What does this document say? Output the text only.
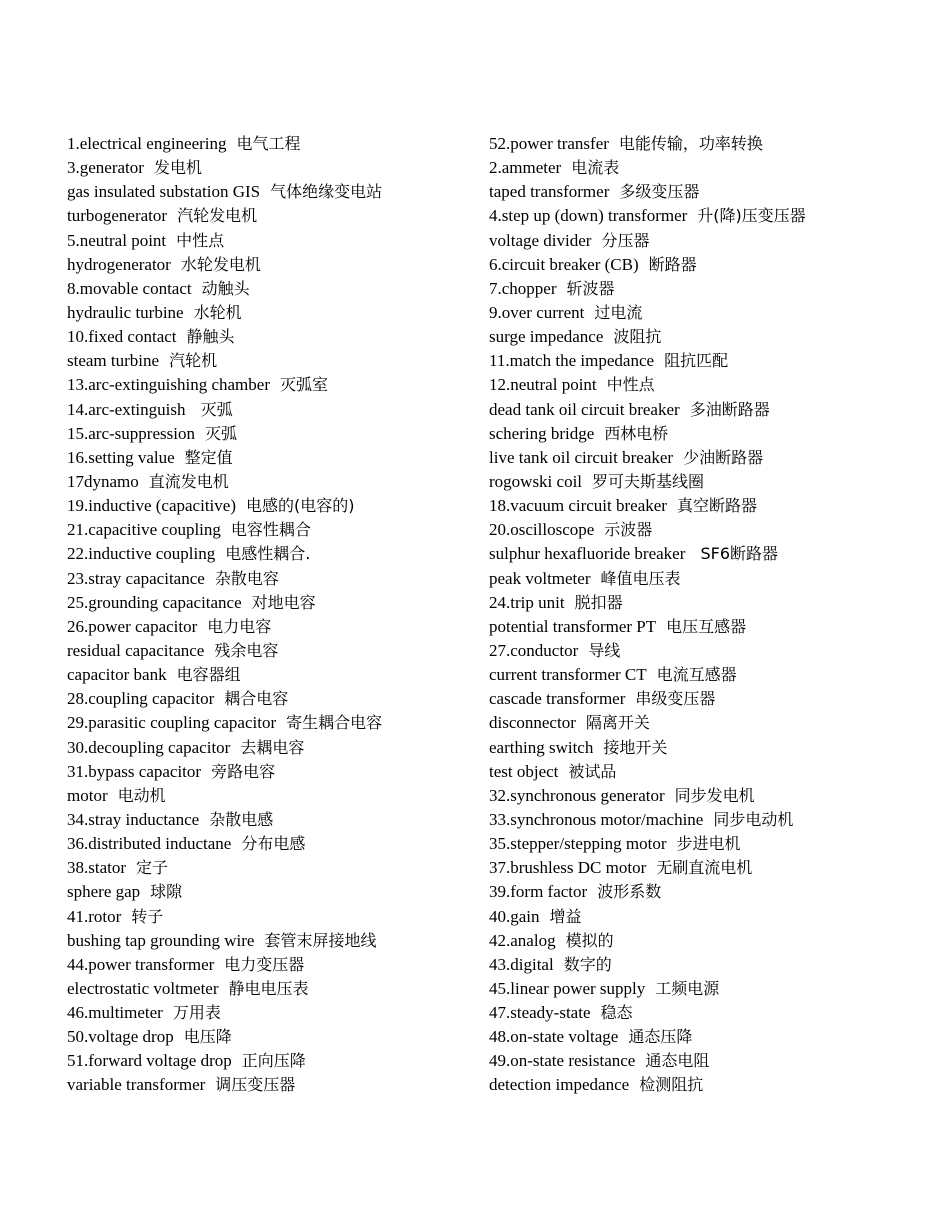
1.electrical engineering 电气工程
3.generator 发电机
gas insulated substation GIS 气体绝缘变电站
turbogenerator 汽轮发电机
5.neutral point 中性点
hydrogenerator 水轮发电机
8.movable contact 动触头
hydraulic turbine 水轮机
10.fixed contact 静触头
steam turbine 汽轮机
13.arc-extinguishing chamber 灭弧室
14.arc-extinguish 灭弧
15.arc-suppression 灭弧
16.setting value 整定值
17dynamo 直流发电机
19.inductive (capacitive) 电感的(电容的)
21.capacitive coupling 电容性耦合
22.inductive coupling 电感性耦合.
23.stray capacitance 杂散电容
25.grounding capacitance 对地电容
26.power capacitor 电力电容
residual capacitance 残余电容
capacitor bank 电容器组
28.coupling capacitor 耦合电容
29.parasitic coupling capacitor 寄生耦合电容
30.decoupling capacitor 去耦电容
31.bypass capacitor 旁路电容
motor 电动机
34.stray inductance 杂散电感
36.distributed inductane 分布电感
38.stator 定子
sphere gap 球隙
41.rotor 转子
bushing tap grounding wire 套管末屏接地线
44.power transformer 电力变压器
electrostatic voltmeter 静电电压表
46.multimeter 万用表
50.voltage drop 电压降
51.forward voltage drop 正向压降
variable transformer 调压变压器
52.power transfer 电能传输，功率转换
2.ammeter 电流表
taped transformer 多级变压器
4.step up (down) transformer 升(降)压变压器
voltage divider 分压器
6.circuit breaker (CB) 断路器
7.chopper 斩波器
9.over current 过电流
surge impedance 波阻抗
11.match the impedance 阻抗匹配
12.neutral point 中性点
dead tank oil circuit breaker 多油断路器
schering bridge 西林电桥
live tank oil circuit breaker 少油断路器
rogowski coil 罗可夫斯基线圈
18.vacuum circuit breaker 真空断路器
20.oscilloscope 示波器
sulphur hexafluoride breaker SF6断路器
peak voltmeter 峰值电压表
24.trip unit 脱扣器
potential transformer PT 电压互感器
27.conductor 导线
current transformer CT 电流互感器
cascade transformer 串级变压器
disconnector 隔离开关
earthing switch 接地开关
test object 被试品
32.synchronous generator 同步发电机
33.synchronous motor/machine 同步电动机
35.stepper/stepping motor 步进电机
37.brushless DC motor 无刷直流电机
39.form factor 波形系数
40.gain 增益
42.analog 模拟的
43.digital 数字的
45.linear power supply 工频电源
47.steady-state 稳态
48.on-state voltage 通态压降
49.on-state resistance 通态电阻
detection impedance 检测阻抗
